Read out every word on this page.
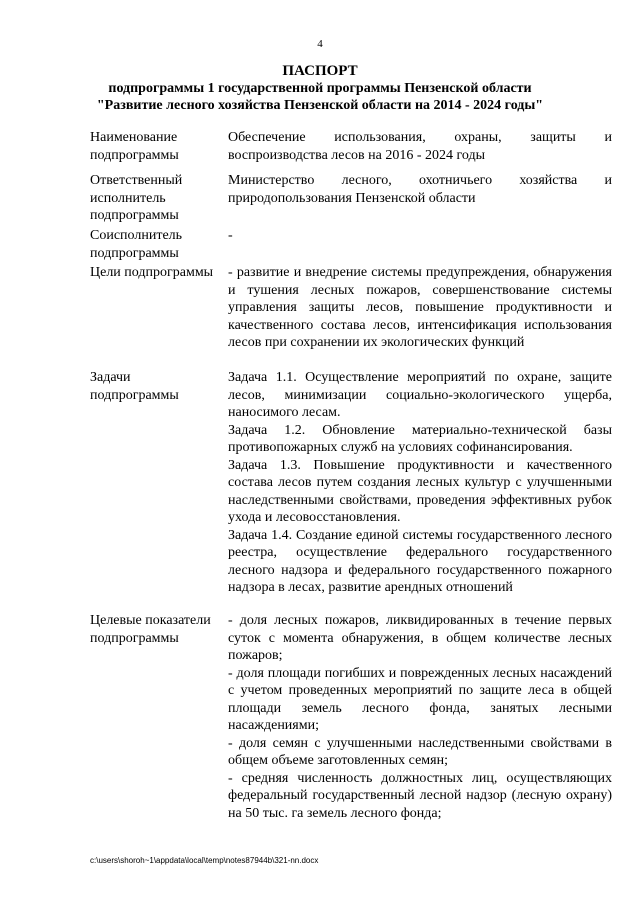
4
ПАСПОРТ
подпрограммы 1 государственной программы Пензенской области
"Развитие лесного хозяйства Пензенской области на 2014 - 2024 годы"
Наименование подпрограммы
Обеспечение использования, охраны, защиты и воспроизводства лесов на 2016 - 2024 годы
Ответственный исполнитель подпрограммы
Министерство лесного, охотничьего хозяйства и природопользования Пензенской области
Соисполнитель подпрограммы
-
Цели подпрограммы	- развитие и внедрение системы предупреждения, обнаружения и тушения лесных пожаров, совершенствование системы управления защиты лесов, повышение продуктивности и качественного состава лесов, интенсификация использования лесов при сохранении их экологических функций
Задачи подпрограммы

Задача 1.1. Осуществление мероприятий по охране, защите лесов, минимизации социально-экологического ущерба, наносимого лесам.

Задача 1.2. Обновление материально-технической базы противопожарных служб на условиях софинансирования.

Задача 1.3. Повышение продуктивности и качественного состава лесов путем создания лесных культур с улучшенными наследственными свойствами, проведения эффективных рубок ухода и лесовосстановления.

Задача 1.4. Создание единой системы государственного лесного реестра, осуществление федерального государственного лесного надзора и федерального государственного пожарного надзора в лесах, развитие арендных отношений

Целевые показатели подпрограммы

- доля лесных пожаров, ликвидированных в течение первых суток с момента обнаружения, в общем количестве лесных пожаров;

- доля площади погибших и поврежденных лесных насаждений с учетом проведенных мероприятий по защите леса в общей площади земель лесного фонда, занятых лесными насаждениями;

- доля семян с улучшенными наследственными свойствами в общем объеме заготовленных семян;

- средняя численность должностных лиц, осуществляющих федеральный государственный лесной надзор (лесную охрану) на 50 тыс. га земель лесного фонда;

c:\users\shoroh~1\appdata\local\temp\notes87944b\321-nn.docx
